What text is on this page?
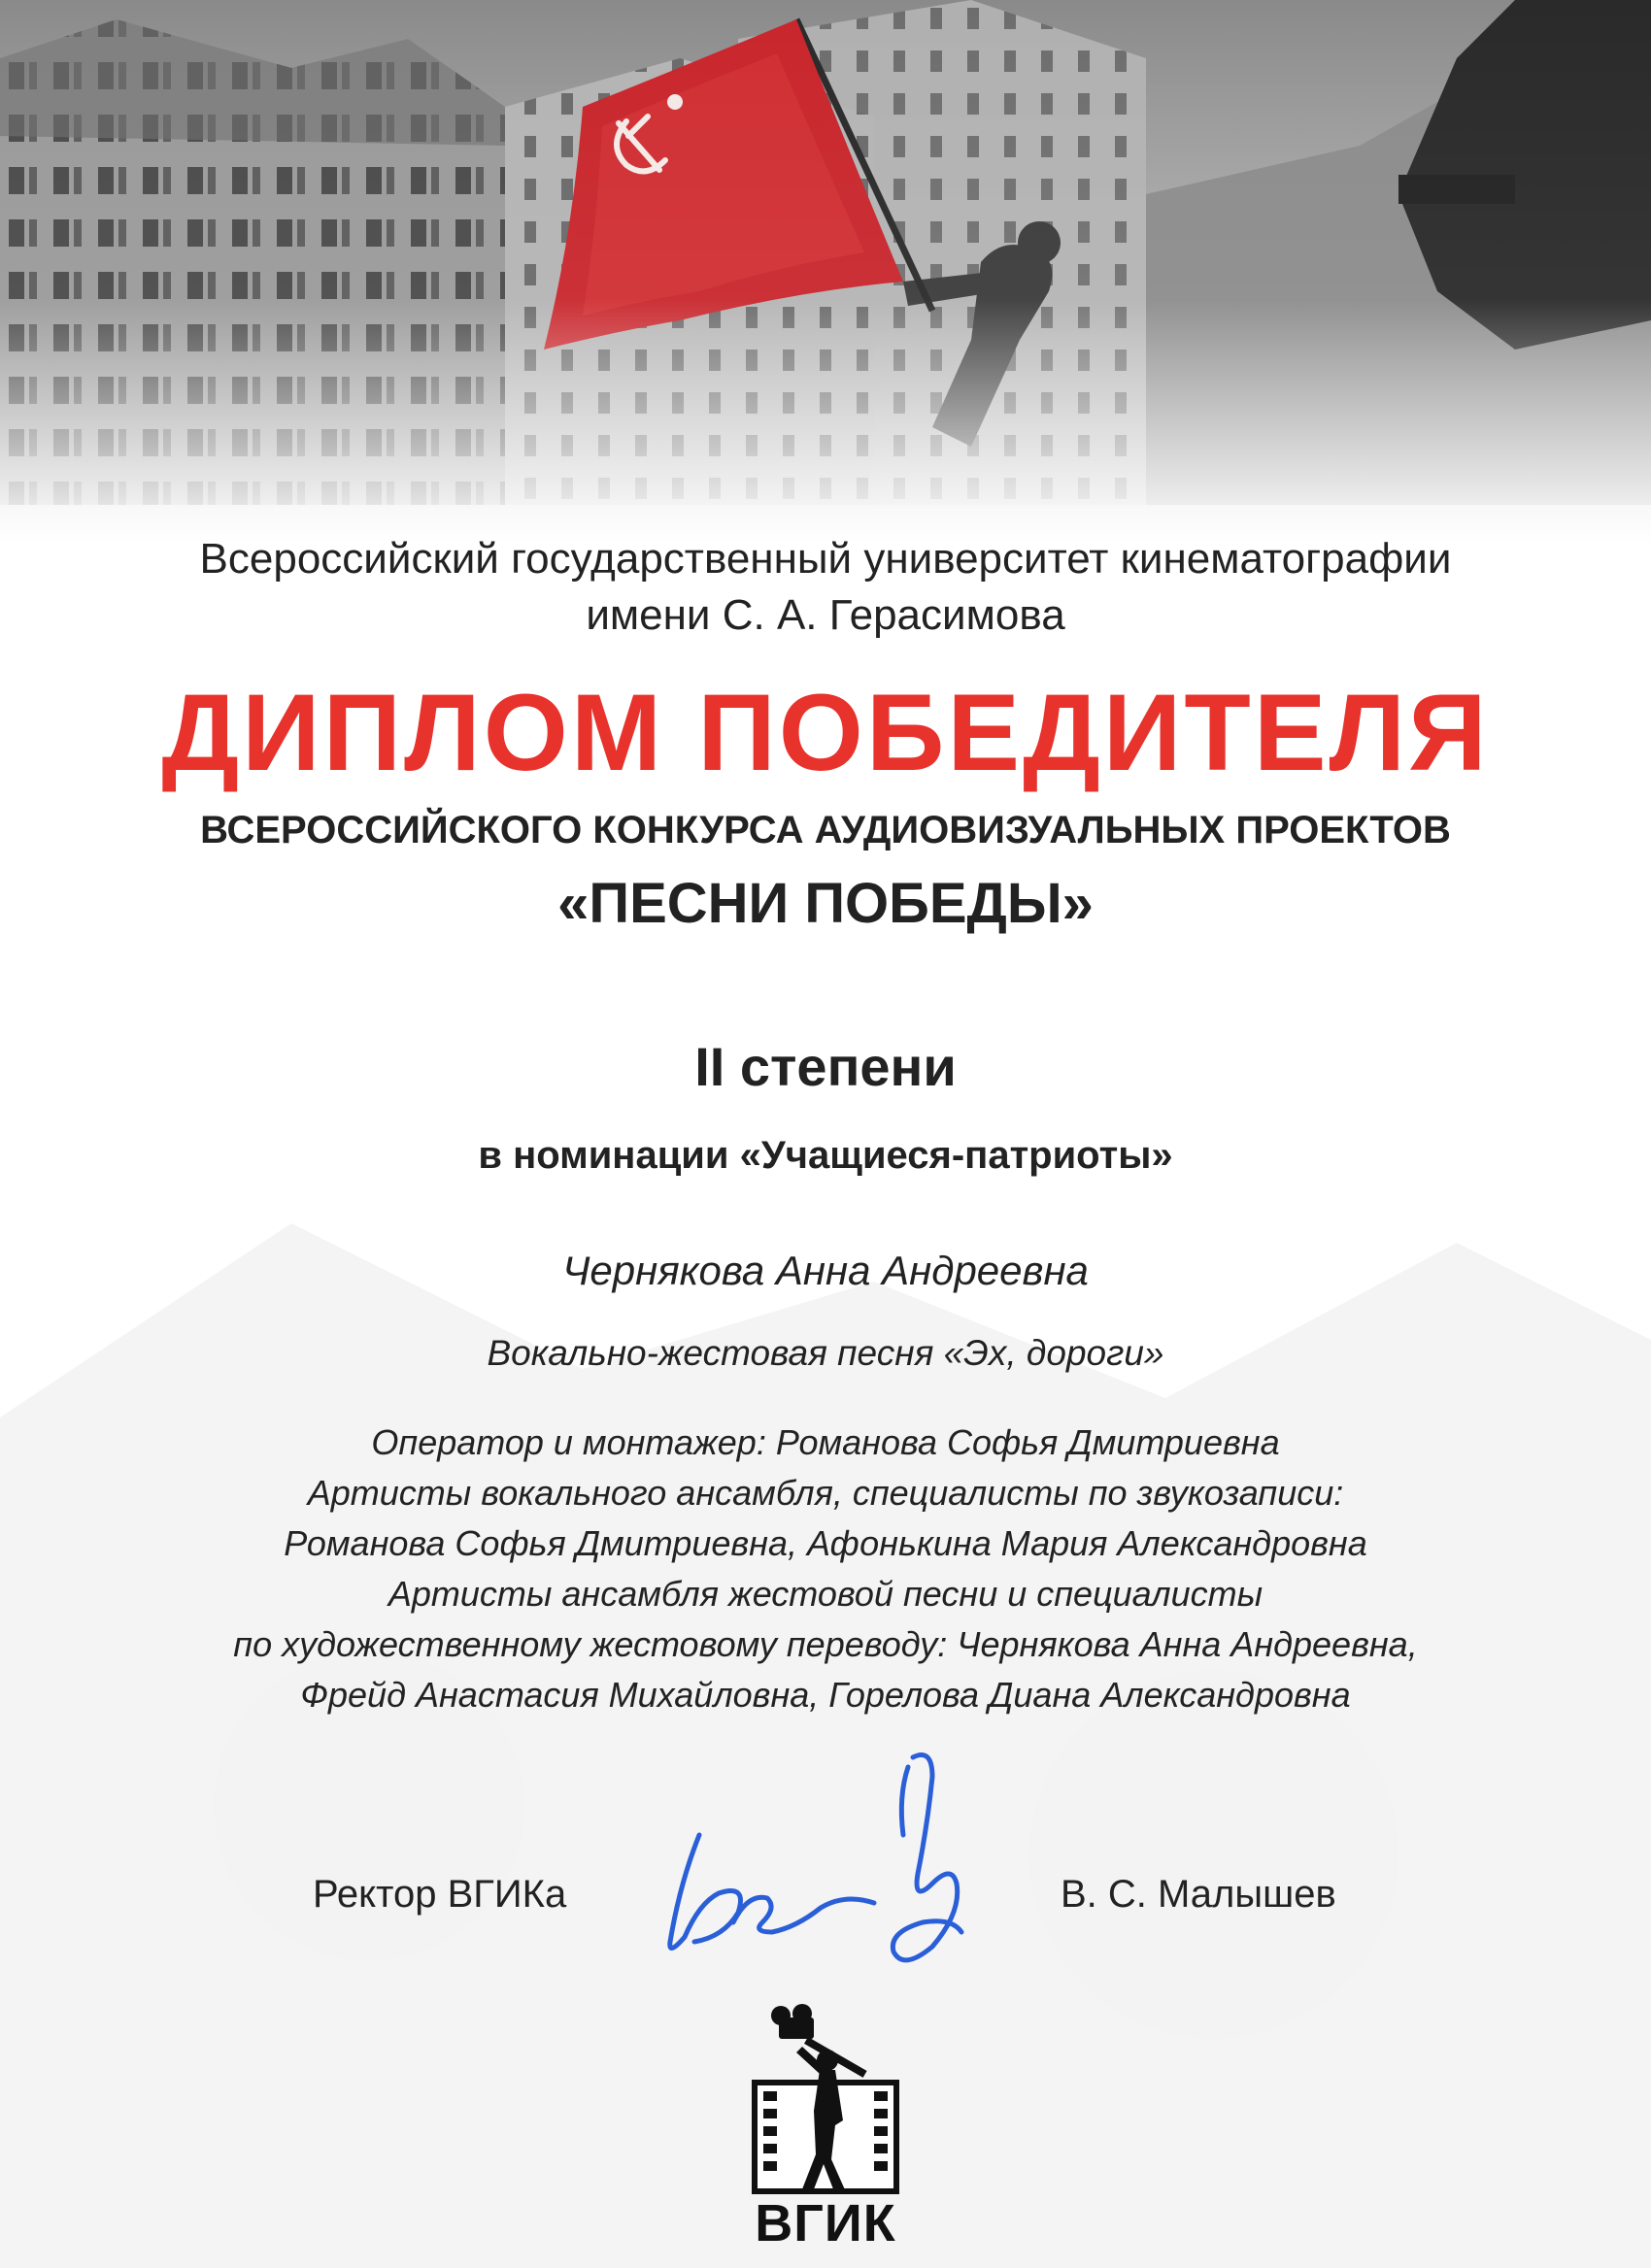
Всероссийский государственный университет кинематографии

имени С. А. Герасимова

ДИПЛОМ ПОБЕДИТЕЛЯ

ВСЕРОССИЙСКОГО КОНКУРСА АУДИОВИЗУАЛЬНЫХ ПРОЕКТОВ

«ПЕСНИ ПОБЕДЫ»

II степени

в номинации «Учащиеся-патриоты»

Чернякова Анна Андреевна

Вокально-жестовая песня «Эх, дороги»

Оператор и монтажер: Романова Софья Дмитриевна
Артисты вокального ансамбля, специалисты по звукозаписи:
Романова Софья Дмитриевна, Афонькина Мария Александровна
Артисты ансамбля жестовой песни и специалисты
по художественному жестовому переводу: Чернякова Анна Андреевна,
Фрейд Анастасия Михайловна, Горелова Диана Александровна
Ректор ВГИКа	В. С. Малышев
ВГИК
